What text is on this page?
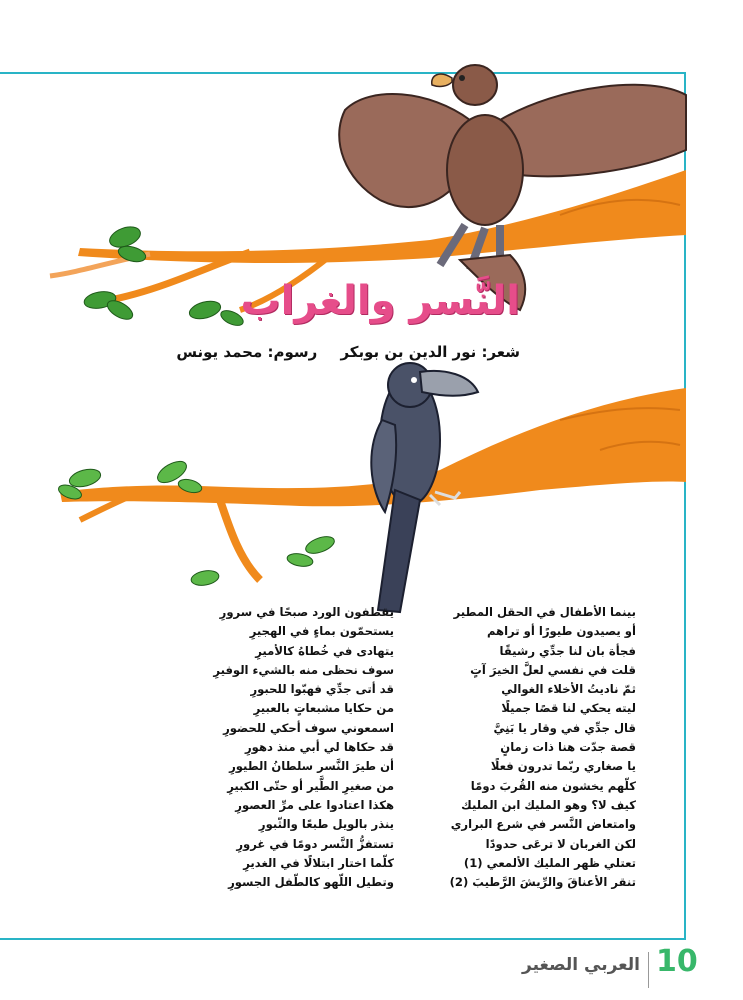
النَّسر والغراب
شعر: نور الدين بن بوبكر رسوم: محمد يونس
بينما الأطفال في الحقل المطير
أو يصيدون طيورًا أو تراهم
فجأة بان لنا جدِّي رشيقًا
قلت في نفسي لعلَّ الخيرَ آتٍ
ثمّ ناديتُ الأخلاء الغوالي
ليته يحكي لنا قصًا جميلًا
قال جدِّي في وقار يا بَنِيَّ
قصة جدّت هنا ذات زمانٍ
يا صغاري ربّما تدرون فعلًا
كلّهم يخشون منه القُربَ دومًا
كيف لا؟ وهو المليك ابن المليك
وامتعاض النَّسر في شرع البراري
لكن الغربان لا ترعَى حدودًا
تعتلي ظهر المليك الألمعي (1)
تنقر الأعناقَ والرِّيشَ الرَّطيبَ (2)
يقطفون الورد صبحًا في سرورِ
يستحمّون بماءٍ في الهجيرِ
يتهادى في خُطاهُ كالأميرِ
سوف نحظى منه بالشيء الوفيرِ
قد أتى جدِّي فهبّوا للحبورِ
من حكايا مشبعاتٍ بالعبيرِ
اسمعوني سوف أحكي للحضورِ
قد حكاها لي أبي منذ دهورِ
أن طيرَ النَّسر سلطانُ الطيورِ
من صغيرِ الطَّير أو حتّى الكبيرِ
هكذا اعتادوا على مرِّ العصورِ
ينذر بالويل طبعًا والثّبورِ
تستفزُّ النَّسر دومًا في غرورِ
كلّما اختار ابتلالًا في الغديرِ
وتطيل اللّهو كالطّفل الجسورِ
العربي الصغير 10
